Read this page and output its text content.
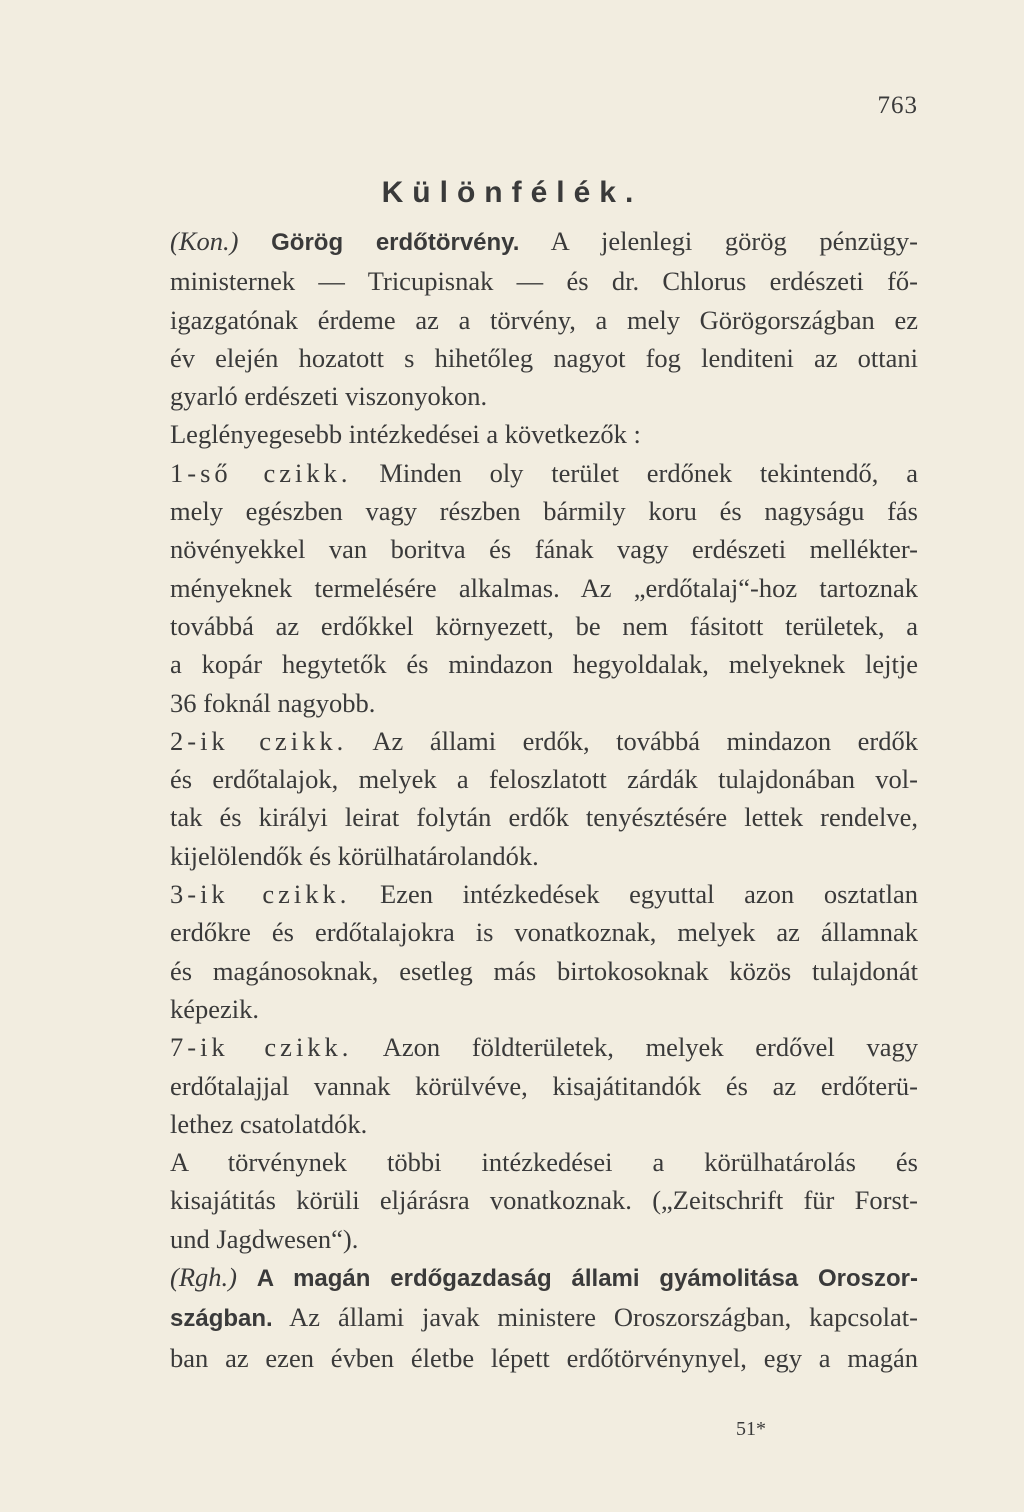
763
Különfélék.

(Kon.) Görög erdőtörvény. A jelenlegi görög pénzügy-
ministernek — Tricupisnak — és dr. Chlorus erdészeti fő-
igazgatónak érdeme az a törvény, a mely Görögországban ez
év elején hozatott s hihetőleg nagyot fog lenditeni az ottani
gyarló erdészeti viszonyokon.

Leglényegesebb intézkedései a következők :

1-ső czikk. Minden oly terület erdőnek tekintendő, a
mely egészben vagy részben bármily koru és nagyságu fás
növényekkel van boritva és fának vagy erdészeti mellékter-
ményeknek termelésére alkalmas. Az „erdőtalaj“-hoz tartoznak
továbbá az erdőkkel környezett, be nem fásitott területek, a
a kopár hegytetők és mindazon hegyoldalak, melyeknek lejtje
36 foknál nagyobb.

2-ik czikk. Az állami erdők, továbbá mindazon erdők
és erdőtalajok, melyek a feloszlatott zárdák tulajdonában vol-
tak és királyi leirat folytán erdők tenyésztésére lettek rendelve,
kijelölendők és körülhatárolandók.

3-ik czikk. Ezen intézkedések egyuttal azon osztatlan
erdőkre és erdőtalajokra is vonatkoznak, melyek az államnak
és magánosoknak, esetleg más birtokosoknak közös tulajdonát
képezik.

7-ik czikk. Azon földterületek, melyek erdővel vagy
erdőtalajjal vannak körülvéve, kisajátitandók és az erdőterü-
lethez csatolatdók.

A törvénynek többi intézkedései a körülhatárolás és
kisajátitás körüli eljárásra vonatkoznak. („Zeitschrift für Forst-
und Jagdwesen“).

(Rgh.) A magán erdőgazdaság állami gyámolitása Oroszor-
szágban. Az állami javak ministere Oroszországban, kapcsolat-
ban az ezen évben életbe lépett erdőtörvénynyel, egy a magán

51*
